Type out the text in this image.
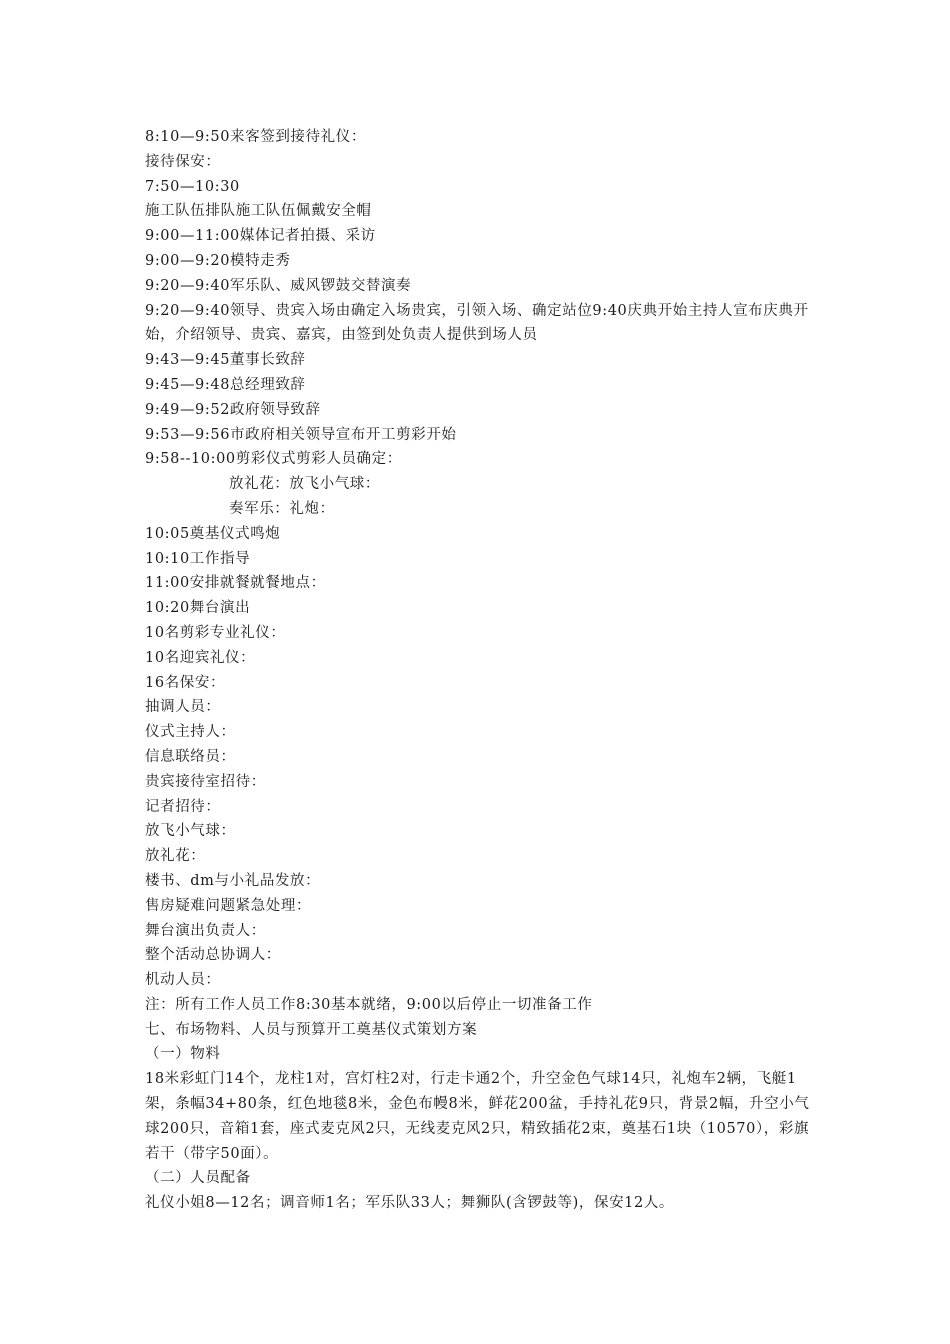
8:10—9:50来客签到接待礼仪：
接待保安：
7:50—10:30
施工队伍排队施工队伍佩戴安全帽
9:00—11:00媒体记者拍摄、采访
9:00—9:20模特走秀
9:20—9:40军乐队、威风锣鼓交替演奏
9:20—9:40领导、贵宾入场由确定入场贵宾，引领入场、确定站位9:40庆典开始主持人宣布庆典开始，介绍领导、贵宾、嘉宾，由签到处负责人提供到场人员
9:43—9:45董事长致辞
9:45—9:48总经理致辞
9:49—9:52政府领导致辞
9:53—9:56市政府相关领导宣布开工剪彩开始
9:58--10:00剪彩仪式剪彩人员确定：
放礼花：放飞小气球：
奏军乐：礼炮：
10:05奠基仪式鸣炮
10:10工作指导
11:00安排就餐就餐地点：
10:20舞台演出
10名剪彩专业礼仪：
10名迎宾礼仪：
16名保安：
抽调人员：
仪式主持人：
信息联络员：
贵宾接待室招待：
记者招待：
放飞小气球：
放礼花：
楼书、dm与小礼品发放：
售房疑难问题紧急处理：
舞台演出负责人：
整个活动总协调人：
机动人员：
注：所有工作人员工作8:30基本就绪，9:00以后停止一切准备工作
七、布场物料、人员与预算开工奠基仪式策划方案
（一）物料
18米彩虹门14个，龙柱1对，宫灯柱2对，行走卡通2个，升空金色气球14只，礼炮车2辆，飞艇1架，条幅34+80条，红色地毯8米，金色布幔8米，鲜花200盆，手持礼花9只，背景2幅，升空小气球200只，音箱1套，座式麦克风2只，无线麦克风2只，精致插花2束，奠基石1块（10570），彩旗若干（带字50面）。
（二）人员配备
礼仪小姐8—12名；调音师1名；军乐队33人；舞狮队(含锣鼓等)，保安12人。
